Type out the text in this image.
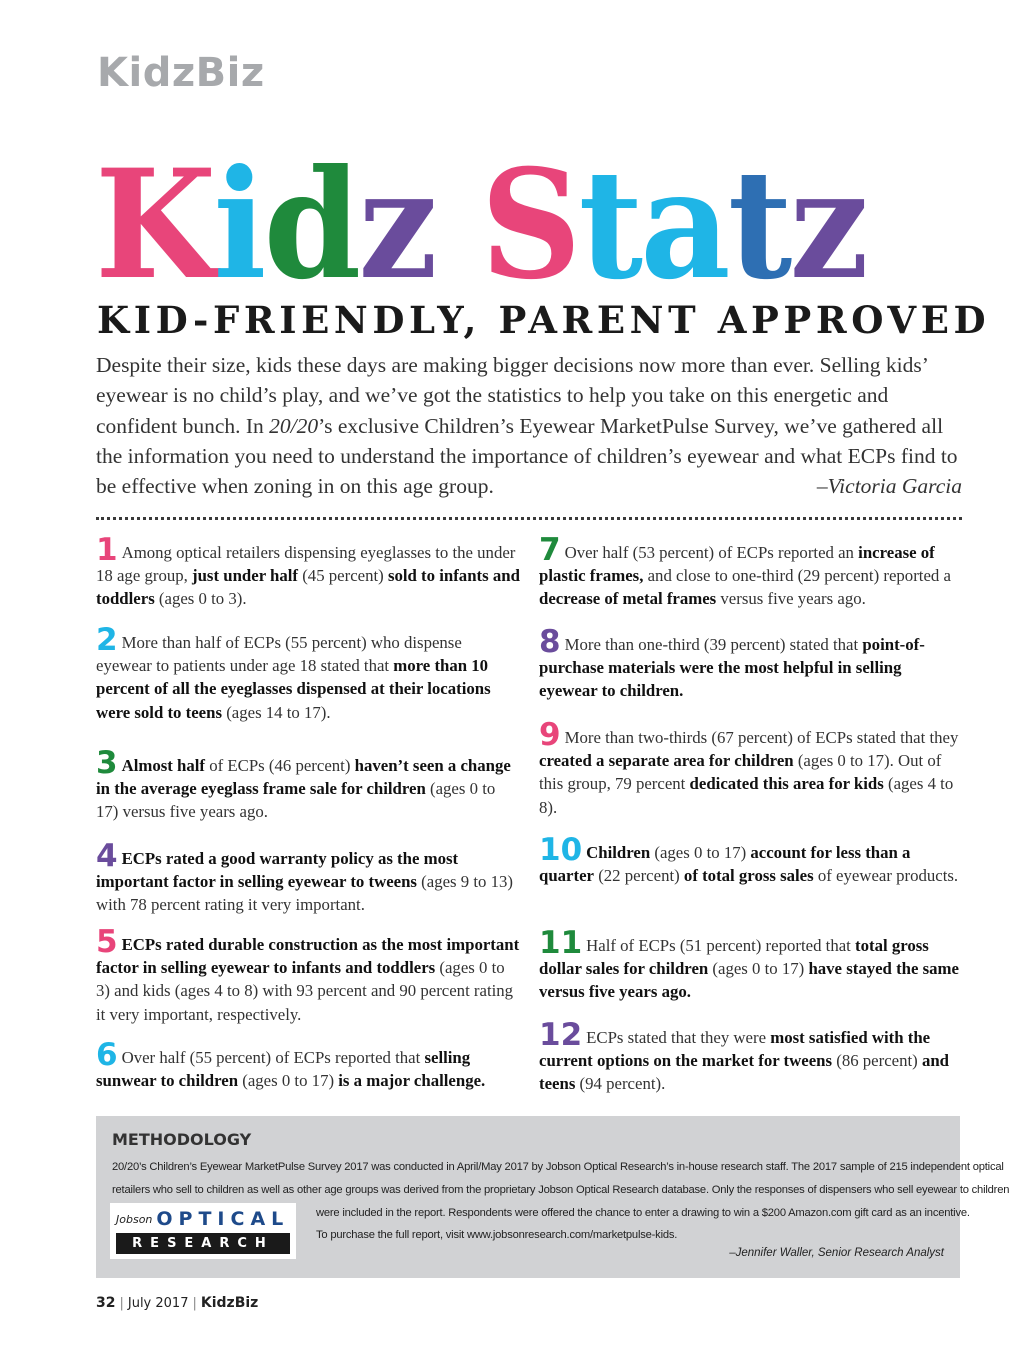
KidzBiz
Kidz Statz
KID-FRIENDLY, PARENT APPROVED
Despite their size, kids these days are making bigger decisions now more than ever. Selling kids’ eyewear is no child’s play, and we’ve got the statistics to help you take on this energetic and confident bunch. In 20/20’s exclusive Children’s Eyewear MarketPulse Survey, we’ve gathered all the information you need to understand the importance of children’s eyewear and what ECPs find to be effective when zoning in on this age group.	–Victoria Garcia

1 Among optical retailers dispensing eyeglasses to the under 18 age group, just under half (45 percent) sold to infants and toddlers (ages 0 to 3).

2 More than half of ECPs (55 percent) who dispense eyewear to patients under age 18 stated that more than 10 percent of all the eyeglasses dispensed at their locations were sold to teens (ages 14 to 17).

3 Almost half of ECPs (46 percent) haven’t seen a change in the average eyeglass frame sale for children (ages 0 to 17) versus five years ago.

4 ECPs rated a good warranty policy as the most important factor in selling eyewear to tweens (ages 9 to 13) with 78 percent rating it very important.

5 ECPs rated durable construction as the most important factor in selling eyewear to infants and toddlers (ages 0 to 3) and kids (ages 4 to 8) with 93 percent and 90 percent rating it very important, respectively.

6 Over half (55 percent) of ECPs reported that selling sunwear to children (ages 0 to 17) is a major challenge.

7 Over half (53 percent) of ECPs reported an increase of plastic frames, and close to one-third (29 percent) reported a decrease of metal frames versus five years ago.

8 More than one-third (39 percent) stated that point-of-purchase materials were the most helpful in selling eyewear to children.

9 More than two-thirds (67 percent) of ECPs stated that they created a separate area for children (ages 0 to 17). Out of this group, 79 percent dedicated this area for kids (ages 4 to 8).

10 Children (ages 0 to 17) account for less than a quarter (22 percent) of total gross sales of eyewear products.

11 Half of ECPs (51 percent) reported that total gross dollar sales for children (ages 0 to 17) have stayed the same versus five years ago.

12 ECPs stated that they were most satisfied with the current options on the market for tweens (86 percent) and teens (94 percent).

METHODOLOGY
20/20’s Children’s Eyewear MarketPulse Survey 2017 was conducted in April/May 2017 by Jobson Optical Research’s in-house research staff. The 2017 sample of 215 independent optical
retailers who sell to children as well as other age groups was derived from the proprietary Jobson Optical Research database. Only the responses of dispensers who sell eyewear to children
were included in the report. Respondents were offered the chance to enter a drawing to win a $200 Amazon.com gift card as an incentive.
To purchase the full report, visit www.jobsonresearch.com/marketpulse-kids.
Jobson OPTICAL
RESEARCH
–Jennifer Waller, Senior Research Analyst
32 | July 2017 | KidzBiz
